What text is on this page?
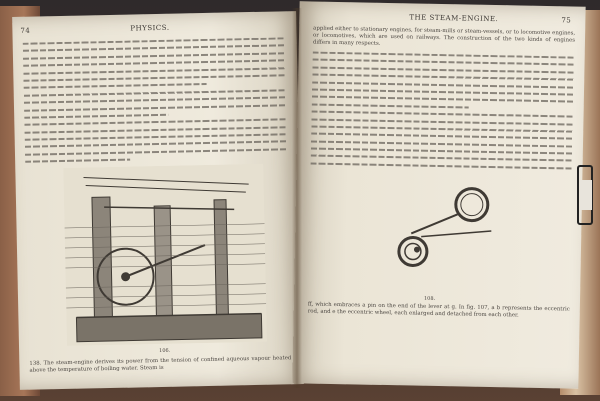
74	PHYSICS.
106.
138. The steam-engine derives its power from the tension of confined aqueous vapour heated above the temperature of boiling water. Steam is
THE STEAM-ENGINE.	75
applied either to stationary engines, for steam-mills or steam-vessels, or to locomotive engines, or locomotives, which are used on railways. The construction of the two kinds of engines differs in many respects.
108.
ff, which embraces a pin on the end of the lever at g. In fig. 107, a b represents the eccentric rod, and e the eccentric wheel, each enlarged and detached from each other.
